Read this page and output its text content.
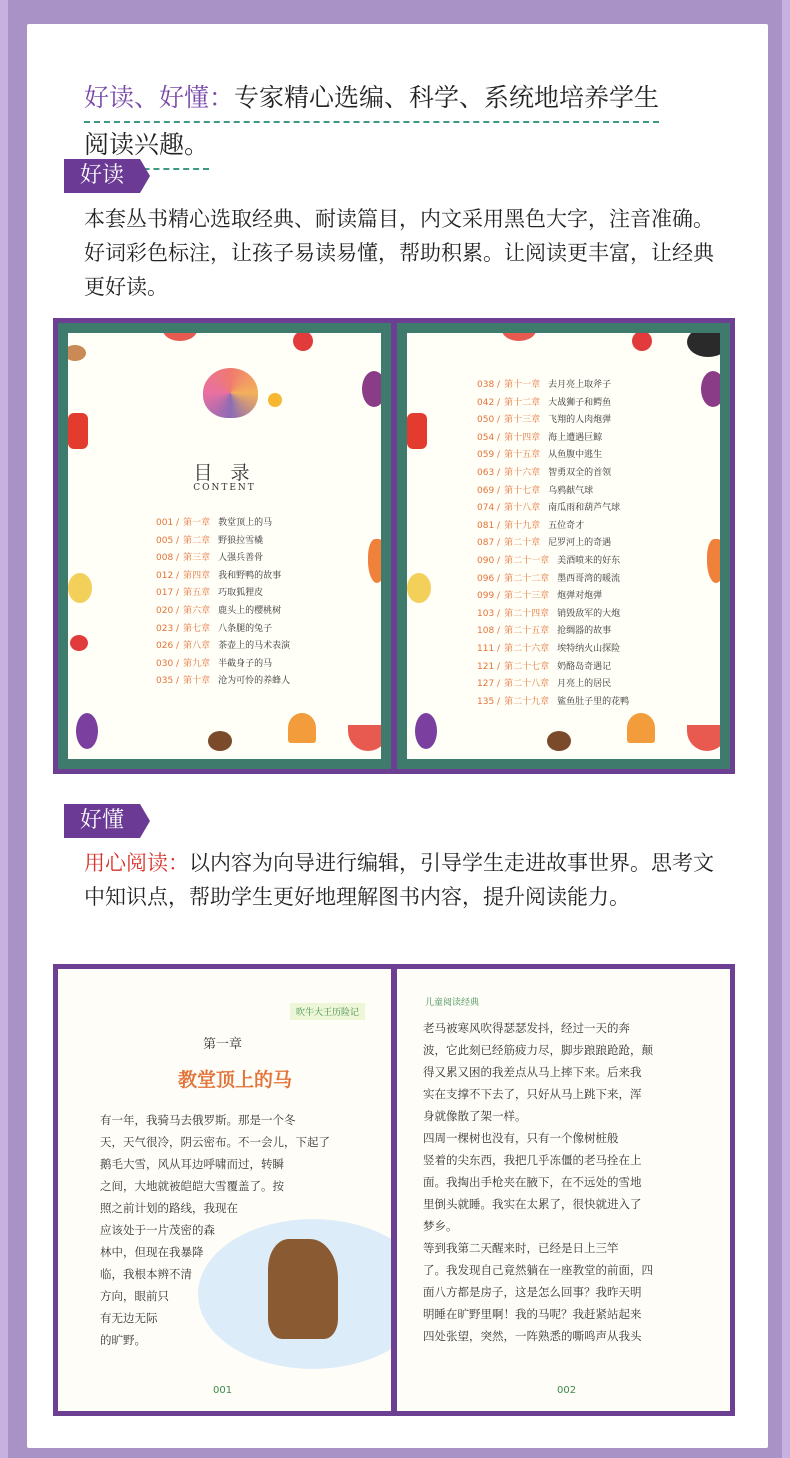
好读、好懂：专家精心选编、科学、系统地培养学生
阅读兴趣。
好读
本套丛书精心选取经典、耐读篇目，内文采用黑色大字，注音准确。好词彩色标注，让孩子易读易懂，帮助积累。让阅读更丰富，让经典更好读。
目 录
CONTENT
001 / 第一章 教堂顶上的马
005 / 第二章 野狼拉雪橇
008 / 第三章 人强兵善骨
012 / 第四章 我和野鸭的故事
017 / 第五章 巧取狐狸皮
020 / 第六章 鹿头上的樱桃树
023 / 第七章 八条腿的兔子
026 / 第八章 茶壶上的马术表演
030 / 第九章 半截身子的马
035 / 第十章 沧为可怜的养蜂人
038 / 第十一章 去月亮上取斧子
042 / 第十二章 大战狮子和鳄鱼
050 / 第十三章 飞翔的人肉炮弹
054 / 第十四章 海上遭遇巨鲸
059 / 第十五章 从鱼腹中逃生
063 / 第十六章 智勇双全的首领
069 / 第十七章 乌鸦献气球
074 / 第十八章 南瓜雨和葫芦气球
081 / 第十九章 五位奇才
087 / 第二十章 尼罗河上的奇遇
090 / 第二十一章 美酒喷来的好东
096 / 第二十二章 墨西哥湾的暖流
099 / 第二十三章 炮弹对炮弹
103 / 第二十四章 销毁敌军的大炮
108 / 第二十五章 抢绸器的故事
111 / 第二十六章 埃特纳火山探险
121 / 第二十七章 奶酪岛奇遇记
127 / 第二十八章 月亮上的居民
135 / 第二十九章 鲨鱼肚子里的花鸭
好懂
用心阅读：以内容为向导进行编辑，引导学生走进故事世界。思考文中知识点，帮助学生更好地理解图书内容，提升阅读能力。
吹牛大王历险记
第一章
教堂顶上的马
有一年，我骑马去俄罗斯。那是一个冬
天，天气很冷，阴云密布。不一会儿，下起了
鹅毛大雪，风从耳边呼啸而过，转瞬
之间，大地就被皑皑大雪覆盖了。按
照之前计划的路线，我现在
应该处于一片茂密的森
林中，但现在我暴降
临，我根本辨不清
方向，眼前只
有无边无际
的旷野。
001
儿童阅读经典
老马被寒风吹得瑟瑟发抖，经过一天的奔
波，它此刻已经筋疲力尽，脚步踉踉跄跄，颠
得又累又困的我差点从马上摔下来。后来我
实在支撑不下去了，只好从马上跳下来，浑
身就像散了架一样。
四周一棵树也没有，只有一个像树桩般
竖着的尖东西，我把几乎冻僵的老马拴在上
面。我掏出手枪夹在腋下，在不远处的雪地
里倒头就睡。我实在太累了，很快就进入了
梦乡。
等到我第二天醒来时，已经是日上三竿
了。我发现自己竟然躺在一座教堂的前面，四
面八方都是房子，这是怎么回事？我昨天明
明睡在旷野里啊！我的马呢？我赶紧站起来
四处张望，突然，一阵熟悉的嘶鸣声从我头
002
